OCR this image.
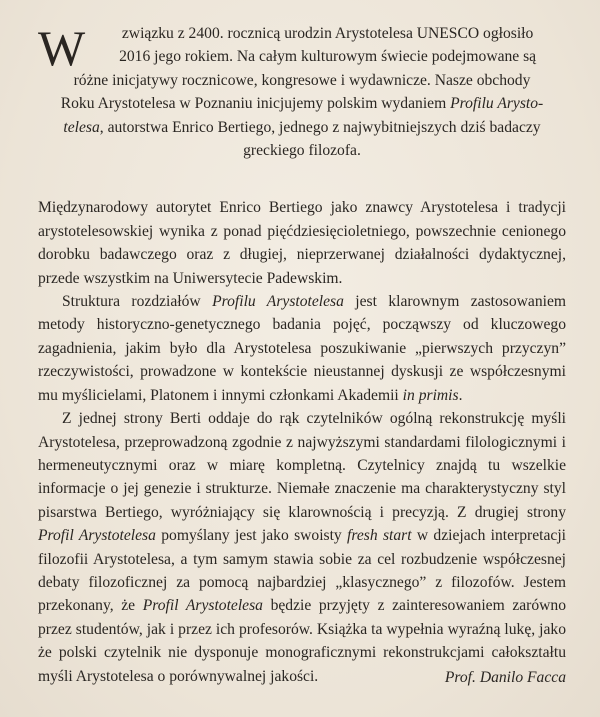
W	związku z 2400. rocznicą urodzin Arystotelesa UNESCO ogłosiło
2016 jego rokiem. Na całym kulturowym świecie podejmowane są
różne inicjatywy rocznicowe, kongresowe i wydawnicze. Nasze obchody
Roku Arystotelesa w Poznaniu inicjujemy polskim wydaniem Profilu Arysto-
telesa, autorstwa Enrico Bertiego, jednego z najwybitniejszych dziś badaczy
greckiego filozofa.

Międzynarodowy autorytet Enrico Bertiego jako znawcy Arystotelesa i tradycji arystotelesowskiej wynika z ponad pięćdziesięcioletniego, powszechnie cenionego dorobku badawczego oraz z długiej, nieprzerwanej działalności dydaktycznej, przede wszystkim na Uniwersytecie Padewskim.

Struktura rozdziałów Profilu Arystotelesa jest klarownym zastosowaniem metody historyczno-genetycznego badania pojęć, począwszy od kluczowego zagadnienia, jakim było dla Arystotelesa poszukiwanie „pierwszych przyczyn” rzeczywistości, prowadzone w kontekście nieustannej dyskusji ze współczesnymi mu myślicielami, Platonem i innymi członkami Akademii in primis.

Z jednej strony Berti oddaje do rąk czytelników ogólną rekonstrukcję myśli Arystotelesa, przeprowadzoną zgodnie z najwyższymi standardami filologicznymi i hermeneutycznymi oraz w miarę kompletną. Czytelnicy znajdą tu wszelkie informacje o jej genezie i strukturze. Niemałe znaczenie ma charakterystyczny styl pisarstwa Bertiego, wyróżniający się klarownością i precyzją. Z drugiej strony Profil Arystotelesa pomyślany jest jako swoisty fresh start w dziejach interpretacji filozofii Arystotelesa, a tym samym stawia sobie za cel rozbudzenie współczesnej debaty filozoficznej za pomocą najbardziej „klasycznego” z filozofów. Jestem przekonany, że Profil Arystotelesa będzie przyjęty z zainteresowaniem zarówno przez studentów, jak i przez ich profesorów. Książka ta wypełnia wyraźną lukę, jako że polski czytelnik nie dysponuje monograficznymi rekonstrukcjami całokształtu myśli Arystotelesa o porównywalnej jakości.	Prof. Danilo Facca
